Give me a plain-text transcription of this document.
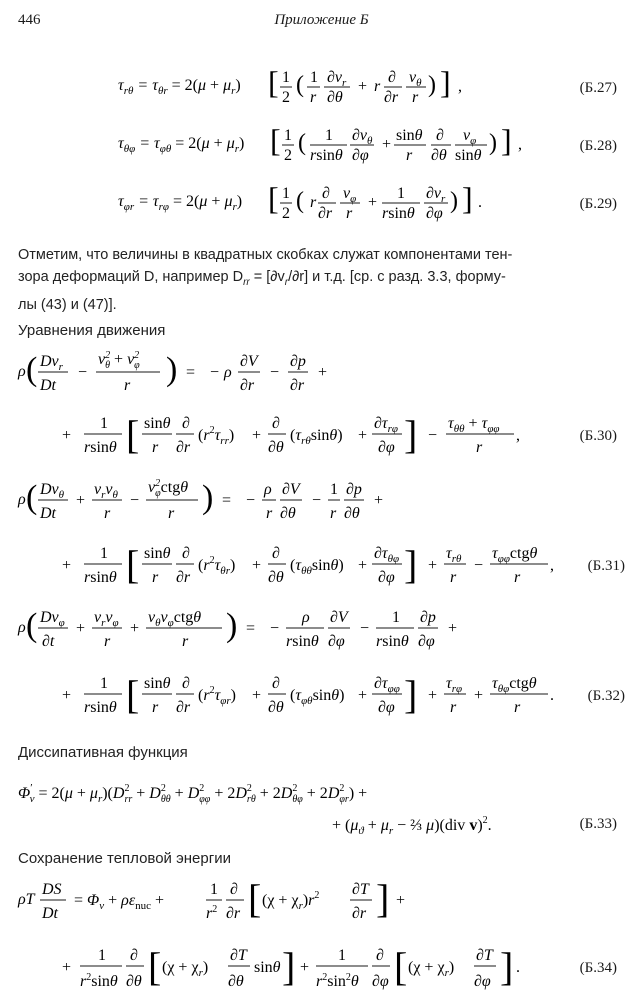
446	Приложение Б
$\tau_{r\theta} = \tau_{\theta r} = 2(\mu + \mu_r)$ [ 1
2 ( 1
r
$\partial v_r$
∂θ
+ r
∂
∂r
$v_\theta$
r ) ] ,	(Б.27)
$\tau_{\theta\varphi} = \tau_{\varphi\theta} = 2(\mu + \mu_r)$ [ 1
2 ( 1
rsinθ
$\partial v_\theta$
∂φ
+
sinθ
r
∂
∂θ
$v_\varphi$
sinθ ) ] ,	(Б.28)
$\tau_{\varphi r} = \tau_{r\varphi} = 2(\mu + \mu_r)$ [ 1
2 ( r
∂
∂r
$v_\varphi$
r
+
1
rsinθ
$\partial v_r$
∂φ ) ] .	(Б.29)
Отметим, что величины в квадратных скобках служат компонентами тен-
зора деформаций D, например $D_{rr} = [\partial v_r/\partial r]$ и т.д. [ср. с разд. 3.3, форму-
лы (43) и (47)].
Уравнения движения
ρ ( $Dv_r$
Dt
−
$v^2$ $\theta + v^2$ φ
r ) = − ρ
∂V
∂r
−
∂p
∂r
+
+
1
rsinθ [ sinθ
r
∂
∂r
$(r^2\tau_{rr})$ +
∂
∂θ
$(\tau_{r\theta}\sin\theta)$ +
$\partial\tau_{r\varphi}$
∂φ ] −
$\tau_{\theta\theta} + \tau_{\varphi\varphi}$
r
,	(Б.30)
ρ ( $Dv_\theta$
Dt
+
$v_rv_\theta$
r
−
$v^2$ φctgθ
r ) = −
ρ
r
∂V
∂θ
−
1
r
∂p
∂θ
+
+
1
rsinθ [ sinθ
r
∂
∂r
$(r^2\tau_{\theta r})$ +
∂
∂θ
$(\tau_{\theta\theta}\sin\theta)$ +
$\partial\tau_{\theta\varphi}$
∂φ ] +
$\tau_{r\theta}$
r
−
$\tau_{\varphi\varphi}ctg\theta$
r
, (Б.31)
ρ ( $Dv_\varphi$
∂t
+
$v_rv_\varphi$
r
+
$v_\theta v_\varphi ctg\theta$
r ) = −
ρ
rsinθ
∂V
∂φ
−
1
rsinθ
∂p
∂φ
+
+
1
rsinθ [ sinθ
r
∂
∂r
$(r^2\tau_{\varphi r})$ +
∂
∂θ
$(\tau_{\varphi\theta}\sin\theta)$ +
$\partial\tau_{\varphi\varphi}$
∂φ ] +
$\tau_{r\varphi}$
r
+
$\tau_{\theta\varphi}ctg\theta$
r
. (Б.32)
Диссипативная функция
Φ′ $v = 2(\mu + \mu_r)(D^2$ rr + $D^2$ $\theta\theta + D^2$ $\varphi\varphi + 2D^2$ $r\theta + 2D^2$ $\theta\varphi + 2D^2$ φr) +
+ ($\mu_ϑ + \mu_r$ − ⅔ μ)(div v)$^2$.	(Б.33)
Сохранение тепловой энергии
ρT
DS
Dt
= $\Phi_v + \rho\varepsilon_{nuc}$ +
1
$r^2$
∂
∂r [ $(\chi + \chi_r)r^2$ ∂T
∂r ] +
+
1
$r^2\sin\theta$
∂
∂θ [ $(\chi + \chi_r)$
∂T
∂θ
sinθ ] +
1
$r^2\sin^2\theta$
∂
∂φ [ $(\chi + \chi_r)$
∂T
∂φ ] .	(Б.34)
